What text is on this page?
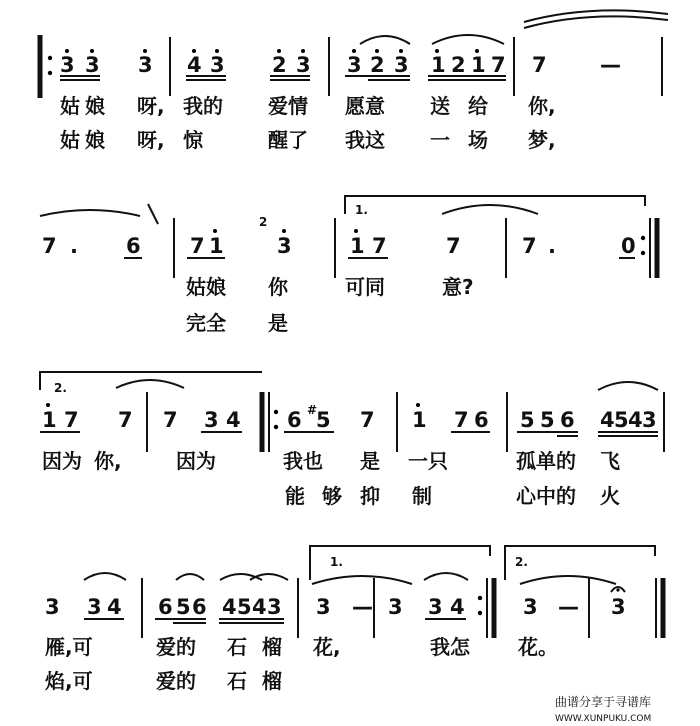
3 3 3 4 3 2 3 3 2 3 1 2 1 7 7	—
姑 娘 呀, 我的 爱情 愿意 送 给 你,
姑 娘 呀, 惊	醒了 我这 一 场 梦,
7 . 6 7 1
2
3
1.
1 7	7	7 .	0
姑娘 你	可同	意?
完全 是
2.
1 7 7 7 3 4 6 #
5 7 1 7 6 5 5 6 4 5 4 3
因为 你,	因为	我也 是 一只	孤单的 飞
能 够 抑 制	心中的 火
3 3 4 6 5 6 4 5 4 3
1.
3 — 3 3 4
2.
3 — 3
雁,可	爱的 石 榴 花,	我怎 花。
焰,可	爱的 石 榴
曲谱分享于寻谱库
WWW.XUNPUKU.COM
